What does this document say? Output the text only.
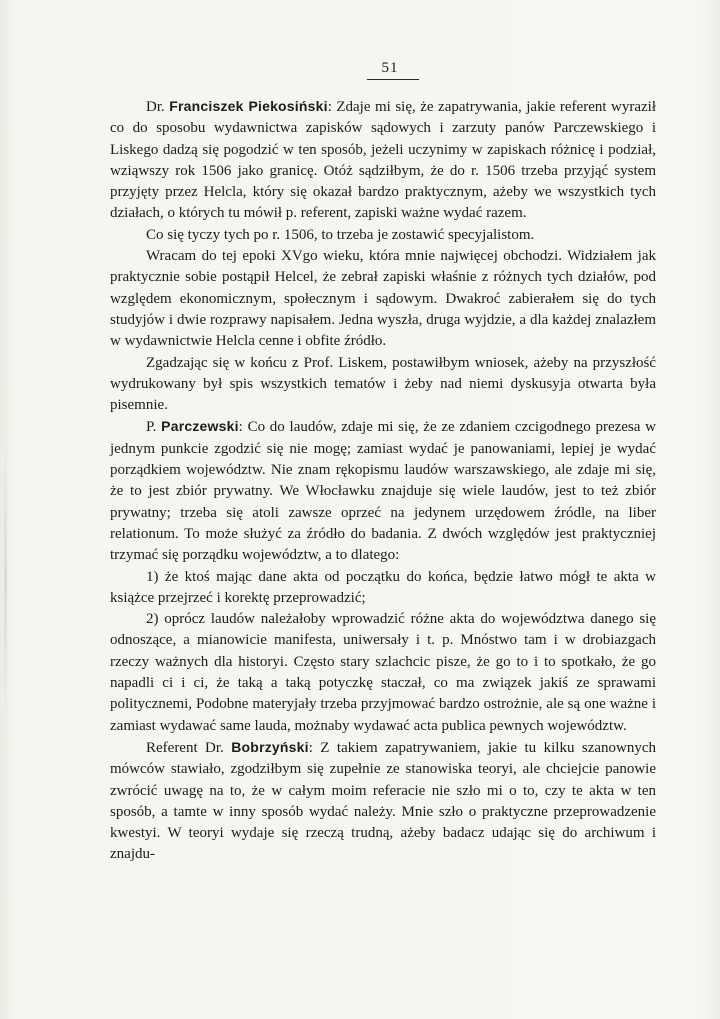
51

Dr. Franciszek Piekosiński: Zdaje mi się, że zapatrywania, jakie referent wyraził co do sposobu wydawnictwa zapisków sądowych i zarzuty panów Parczewskiego i Liskego dadzą się pogodzić w ten sposób, jeżeli uczynimy w zapiskach różnicę i podział, wziąwszy rok 1506 jako granicę. Otóż sądziłbym, że do r. 1506 trzeba przyjąć system przyjęty przez Helcla, który się okazał bardzo praktycznym, ażeby we wszystkich tych działach, o których tu mówił p. referent, zapiski ważne wydać razem.

Co się tyczy tych po r. 1506, to trzeba je zostawić specyjalistom.

Wracam do tej epoki XVgo wieku, która mnie najwięcej obchodzi. Widziałem jak praktycznie sobie postąpił Helcel, że zebrał zapiski właśnie z różnych tych działów, pod względem ekonomicznym, społecznym i sądowym. Dwakroć zabierałem się do tych studyjów i dwie rozprawy napisałem. Jedna wyszła, druga wyjdzie, a dla każdej znalazłem w wydawnictwie Helcla cenne i obfite źródło.

Zgadzając się w końcu z Prof. Liskem, postawiłbym wniosek, ażeby na przyszłość wydrukowany był spis wszystkich tematów i żeby nad niemi dyskusyja otwarta była pisemnie.

P. Parczewski: Co do laudów, zdaje mi się, że ze zdaniem czcigodnego prezesa w jednym punkcie zgodzić się nie mogę; zamiast wydać je panowaniami, lepiej je wydać porządkiem województw. Nie znam rękopismu laudów warszawskiego, ale zdaje mi się, że to jest zbiór prywatny. We Włocławku znajduje się wiele laudów, jest to też zbiór prywatny; trzeba się atoli zawsze oprzeć na jedynem urzędowem źródle, na liber relationum. To może służyć za źródło do badania. Z dwóch względów jest praktyczniej trzymać się porządku województw, a to dlatego:

1) że ktoś mając dane akta od początku do końca, będzie łatwo mógł te akta w książce przejrzeć i korektę przeprowadzić;

2) oprócz laudów należałoby wprowadzić różne akta do województwa danego się odnoszące, a mianowicie manifesta, uniwersały i t. p. Mnóstwo tam i w drobiazgach rzeczy ważnych dla historyi. Często stary szlachcic pisze, że go to i to spotkało, że go napadli ci i ci, że taką a taką potyczkę staczał, co ma związek jakiś ze sprawami politycznemi, Podobne materyjały trzeba przyjmować bardzo ostrożnie, ale są one ważne i zamiast wydawać same lauda, możnaby wydawać acta publica pewnych województw.

Referent Dr. Bobrzyński: Z takiem zapatrywaniem, jakie tu kilku szanownych mówców stawiało, zgodziłbym się zupełnie ze stanowiska teoryi, ale chciejcie panowie zwrócić uwagę na to, że w całym moim referacie nie szło mi o to, czy te akta w ten sposób, a tamte w inny sposób wydać należy. Mnie szło o praktyczne przeprowadzenie kwestyi. W teoryi wydaje się rzeczą trudną, ażeby badacz udając się do archiwum i znajdu-
